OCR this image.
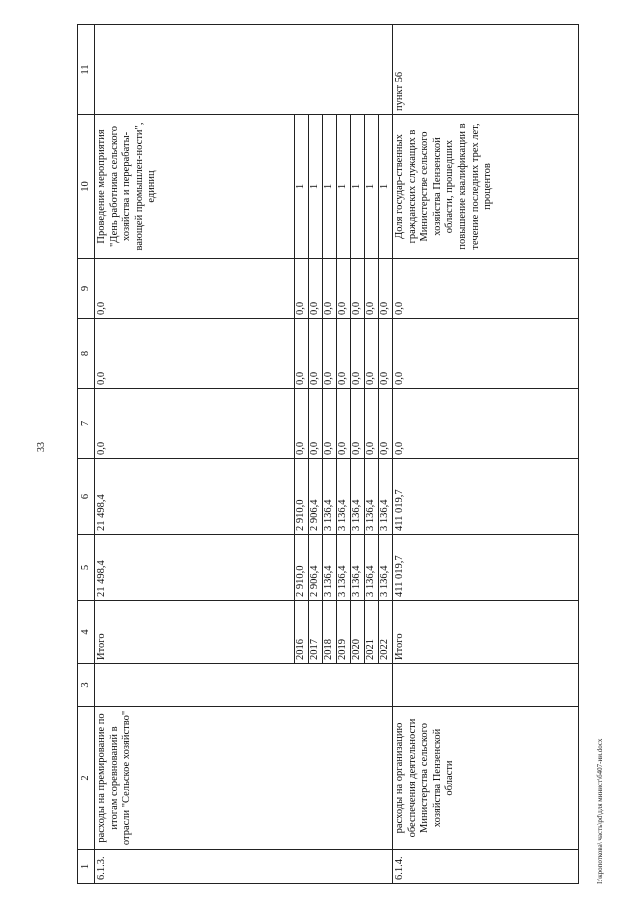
33
1	2	3	4	5	6	7	8	9	10	11
6.1.3.	расходы на премирование по итогам соревнований в отрасли "Сельское хозяйство"		Итого	21 498,4	21 498,4	0,0	0,0	0,0	Проведение мероприятия "День работника сельского хозяйства и перерабаты-вающей промышлен-ности", единиц	
			2016	2 910,0	2 910,0	0,0	0,0	0,0	1	
			2017	2 906,4	2 906,4	0,0	0,0	0,0	1	
			2018	3 136,4	3 136,4	0,0	0,0	0,0	1	
			2019	3 136,4	3 136,4	0,0	0,0	0,0	1	
			2020	3 136,4	3 136,4	0,0	0,0	0,0	1	
			2021	3 136,4	3 136,4	0,0	0,0	0,0	1	
			2022	3 136,4	3 136,4	0,0	0,0	0,0	1	
6.1.4.	расходы на организацию обеспечения деятельности Министерства сельского хозяйства Пензенской области		Итого	411 019,7	411 019,7	0,0	0,0	0,0	Доля государ-ственных гражданских служащих в Министерстве сельского хозяйства Пензенской области, прошедших повышение квалификации в течение последних трех лет, процентов	пункт 56
I:\кропоткова\ часть\pd\для минист\б407-ии.docx
